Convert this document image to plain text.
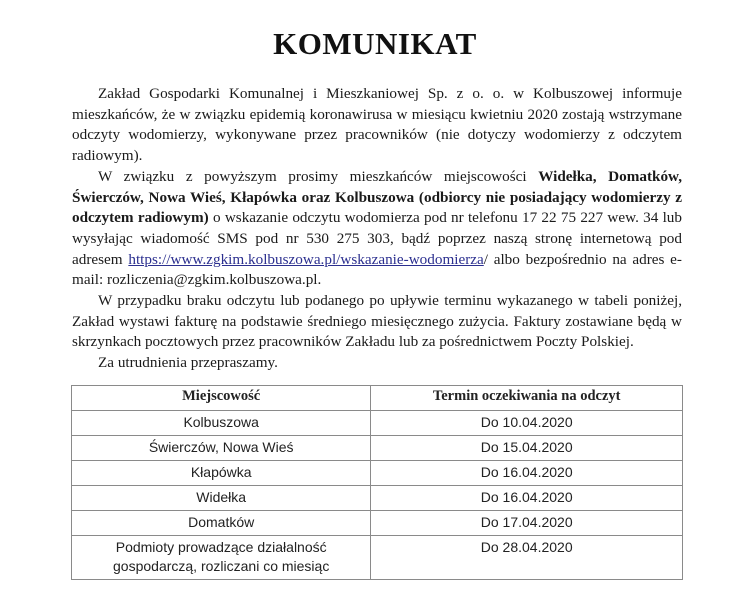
KOMUNIKAT

Zakład Gospodarki Komunalnej i Mieszkaniowej Sp. z o. o. w Kolbuszowej informuje mieszkańców, że w związku epidemią koronawirusa w miesiącu kwietniu 2020 zostają wstrzymane odczyty wodomierzy, wykonywane przez pracowników (nie dotyczy wodomierzy z odczytem radiowym).

W związku z powyższym prosimy mieszkańców miejscowości Widełka, Domatków, Świerczów, Nowa Wieś, Kłapówka oraz Kolbuszowa (odbiorcy nie posiadający wodomierzy z odczytem radiowym) o wskazanie odczytu wodomierza pod nr telefonu 17 22 75 227 wew. 34 lub wysyłając wiadomość SMS pod nr 530 275 303, bądź poprzez naszą stronę internetową pod adresem https://www.zgkim.kolbuszowa.pl/wskazanie-wodomierza/ albo bezpośrednio na adres e-mail: rozliczenia@zgkim.kolbuszowa.pl.

W przypadku braku odczytu lub podanego po upływie terminu wykazanego w tabeli poniżej, Zakład wystawi fakturę na podstawie średniego miesięcznego zużycia. Faktury zostawiane będą w skrzynkach pocztowych przez pracowników Zakładu lub za pośrednictwem Poczty Polskiej.

Za utrudnienia przepraszamy.

Miejscowość	Termin oczekiwania na odczyt
Kolbuszowa	Do 10.04.2020
Świerczów, Nowa Wieś	Do 15.04.2020
Kłapówka	Do 16.04.2020
Widełka	Do 16.04.2020
Domatków	Do 17.04.2020
Podmioty prowadzące działalność gospodarczą, rozliczani co miesiąc	Do 28.04.2020
